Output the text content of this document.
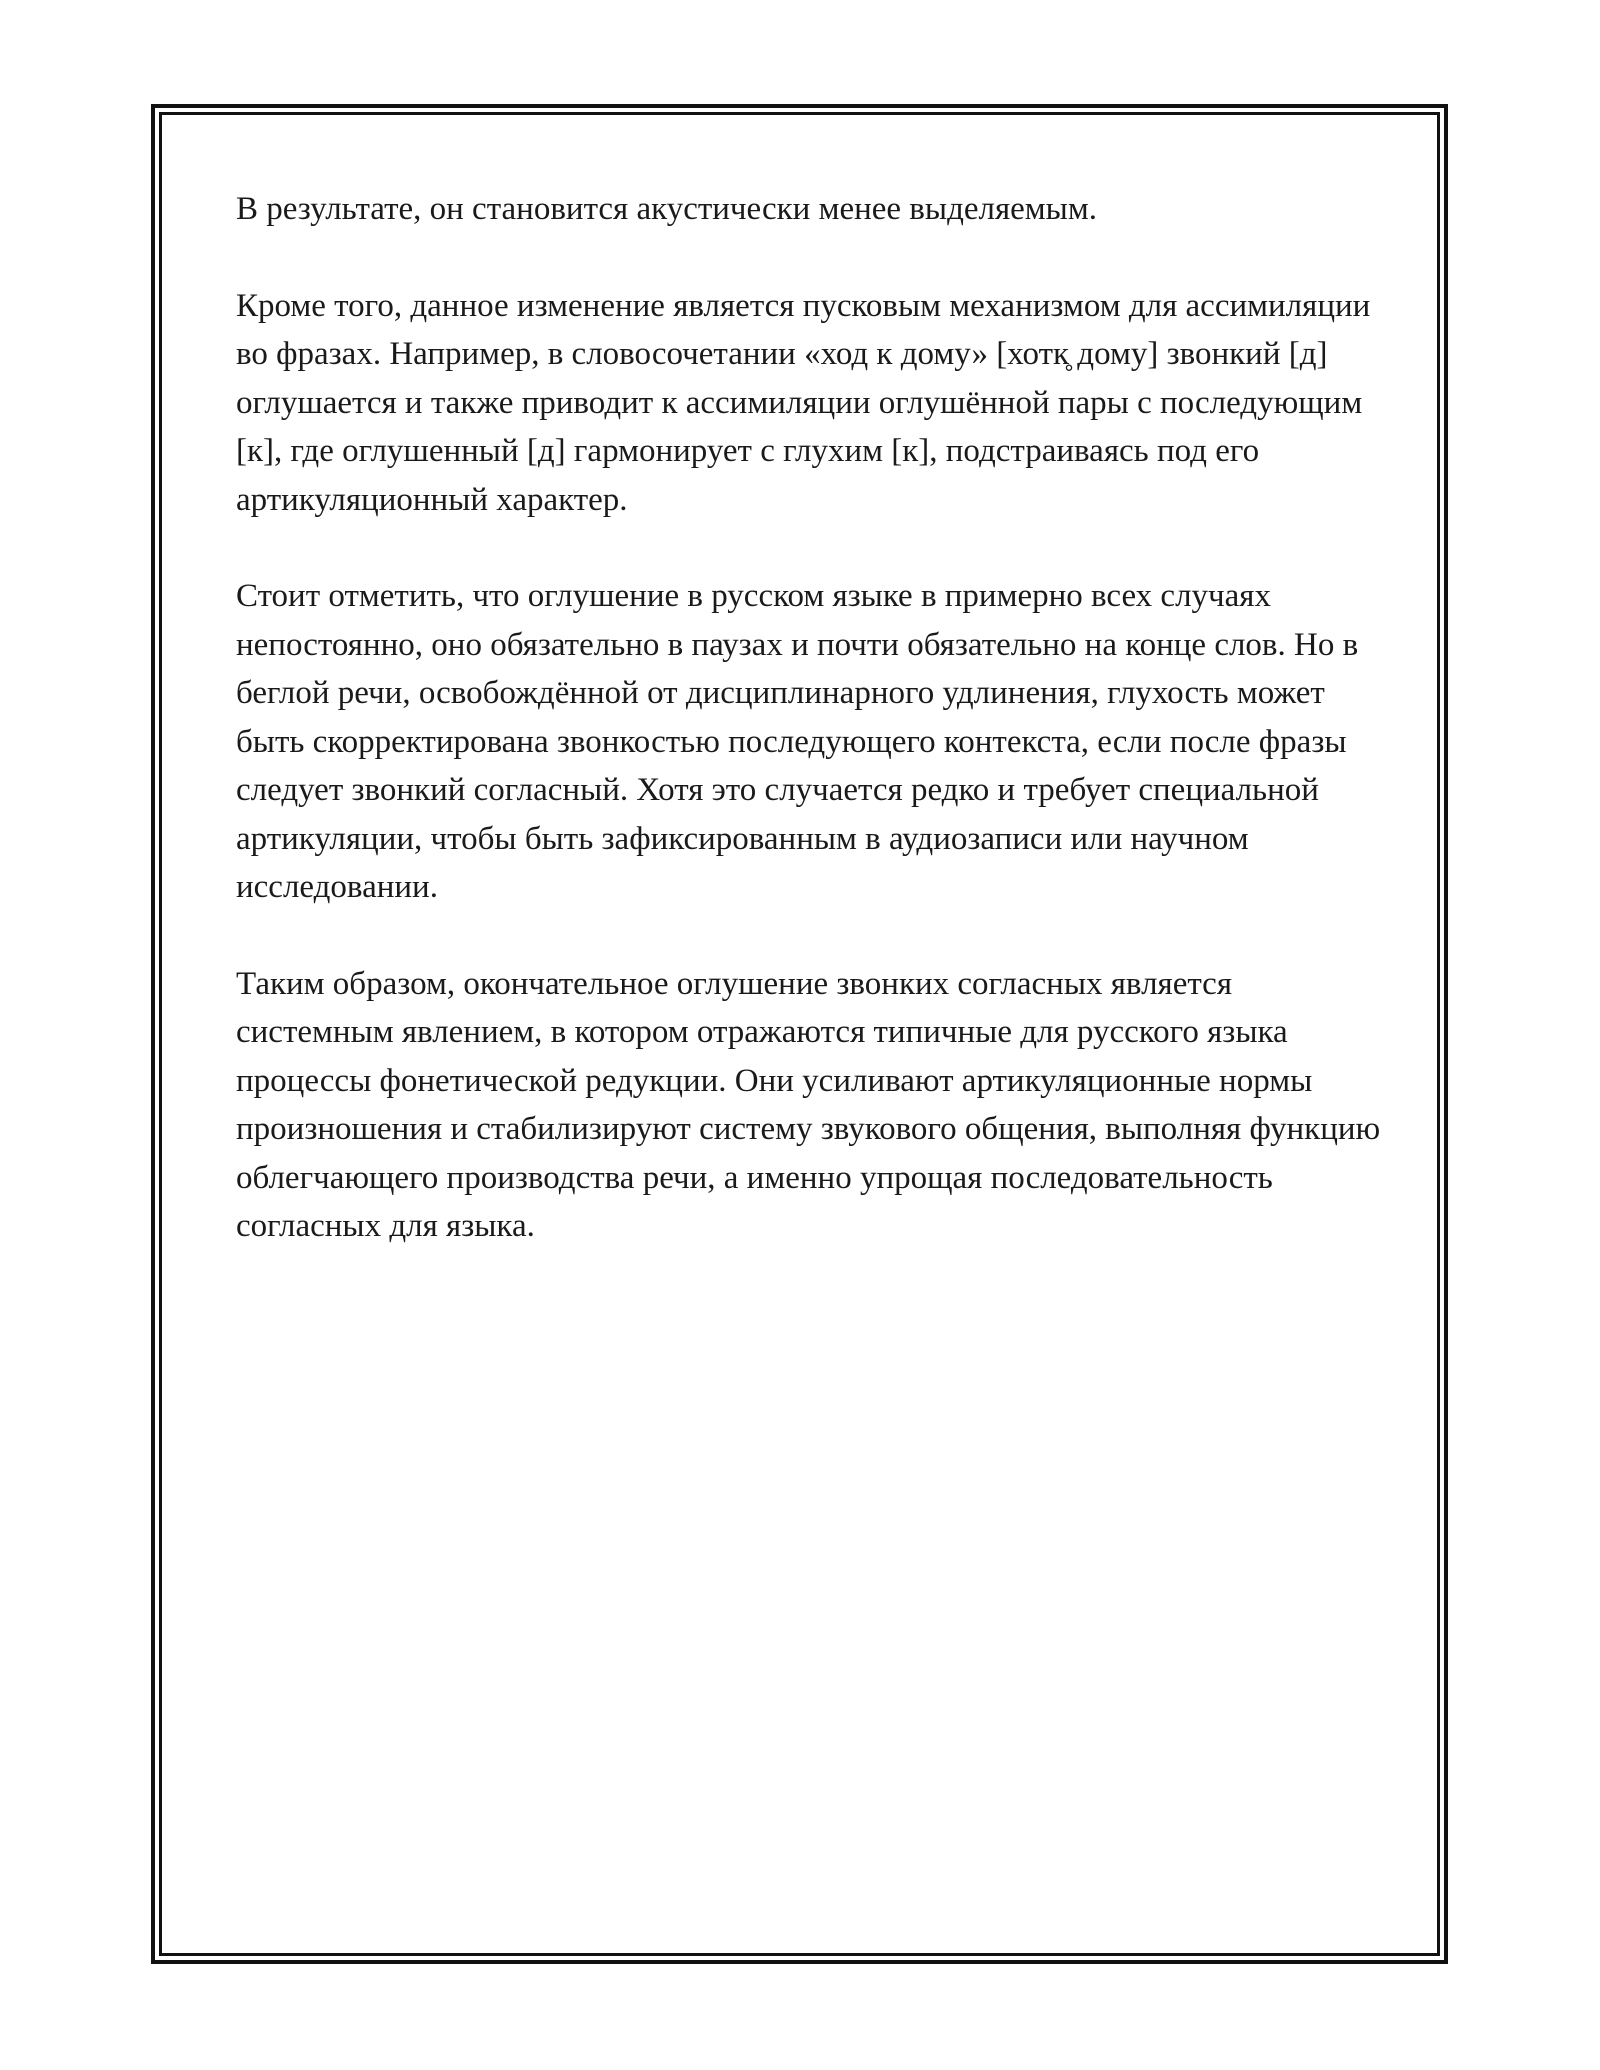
В результате, он становится акустически менее выделяемым.

Кроме того, данное изменение является пусковым механизмом для ассимиляции во фразах. Например, в словосочетании «ход к дому» [хотк̥ дому] звонкий [д] оглушается и также приводит к ассимиляции оглушённой пары с последующим [к], где оглушенный [д] гармонирует с глухим [к], подстраиваясь под его артикуляционный характер.

Стоит отметить, что оглушение в русском языке в примерно всех случаях непостоянно, оно обязательно в паузах и почти обязательно на конце слов. Но в беглой речи, освобождённой от дисциплинарного удлинения, глухость может быть скорректирована звонкостью последующего контекста, если после фразы следует звонкий согласный. Хотя это случается редко и требует специальной артикуляции, чтобы быть зафиксированным в аудиозаписи или научном исследовании.

Таким образом, окончательное оглушение звонких согласных является системным явлением, в котором отражаются типичные для русского языка процессы фонетической редукции. Они усиливают артикуляционные нормы произношения и стабилизируют систему звукового общения, выполняя функцию облегчающего производства речи, а именно упрощая последовательность согласных для языка.
